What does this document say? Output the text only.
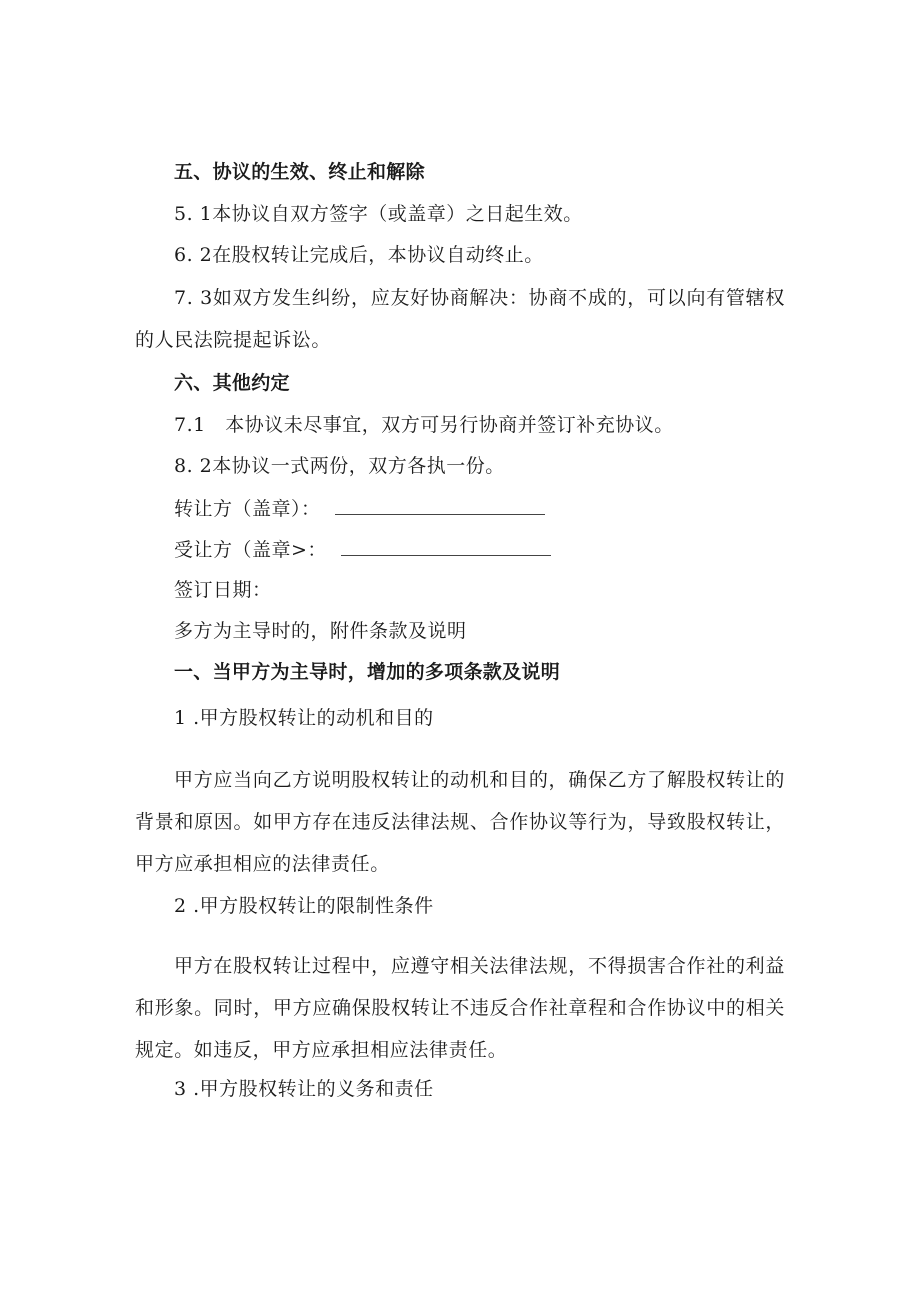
五、协议的生效、终止和解除
5. 1本协议自双方签字（或盖章）之日起生效。
6. 2在股权转让完成后，本协议自动终止。

7. 3如双方发生纠纷，应友好协商解决：协商不成的，可以向有管辖权的人民法院提起诉讼。

六、其他约定
7.1　本协议未尽事宜，双方可另行协商并签订补充协议。
8. 2本协议一式两份，双方各执一份。
转让方（盖章）：
受让方（盖章>：
签订日期：
多方为主导时的，附件条款及说明
一、当甲方为主导时，增加的多项条款及说明
1 .甲方股权转让的动机和目的

甲方应当向乙方说明股权转让的动机和目的，确保乙方了解股权转让的背景和原因。如甲方存在违反法律法规、合作协议等行为，导致股权转让，甲方应承担相应的法律责任。

2 .甲方股权转让的限制性条件

甲方在股权转让过程中，应遵守相关法律法规，不得损害合作社的利益和形象。同时，甲方应确保股权转让不违反合作社章程和合作协议中的相关规定。如违反，甲方应承担相应法律责任。

3 .甲方股权转让的义务和责任
